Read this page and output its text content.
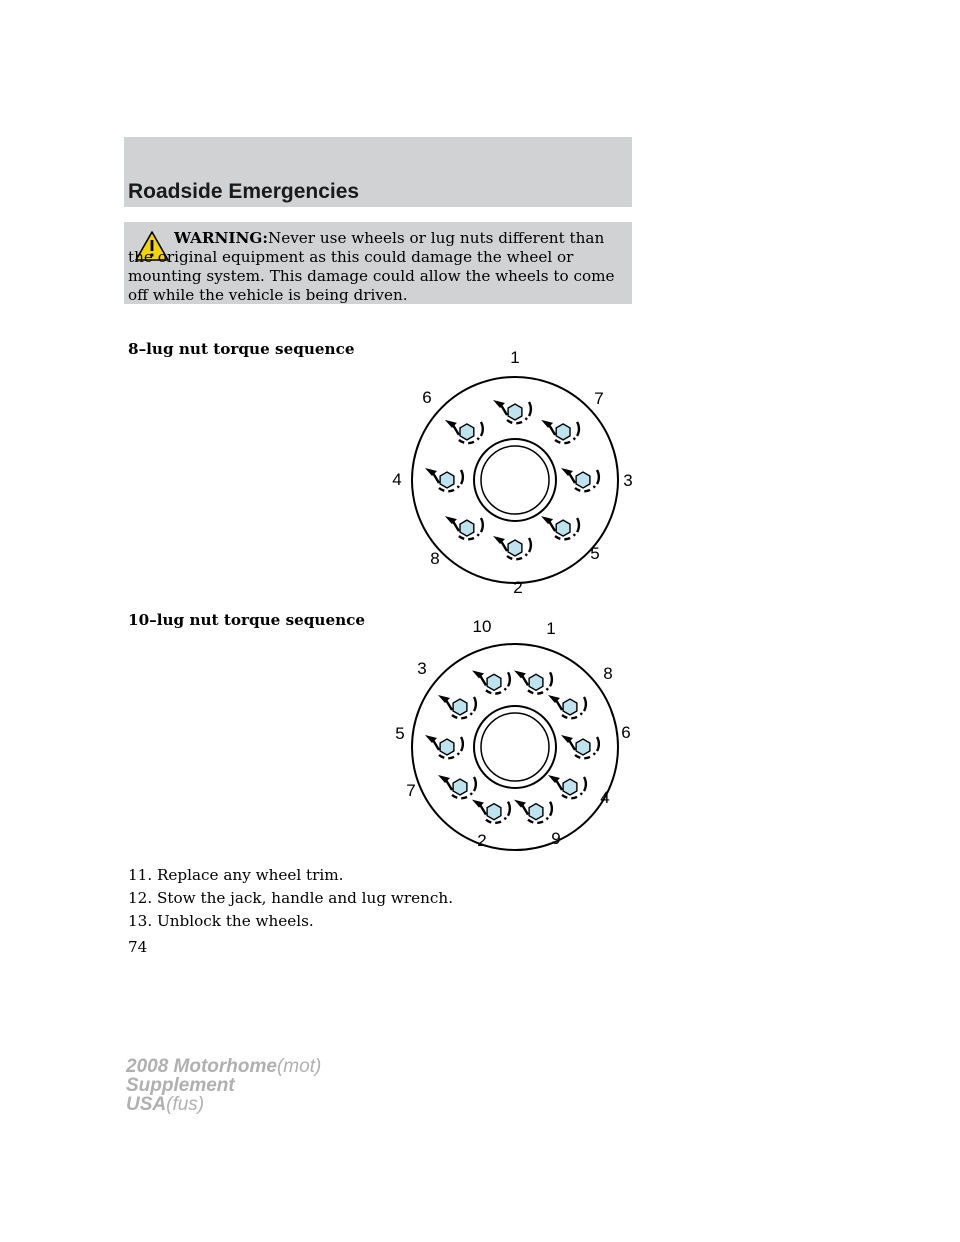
Roadside Emergencies

WARNING:Never use wheels or lug nuts different than the original equipment as this could damage the wheel or mounting system. This damage could allow the wheels to come off while the vehicle is being driven.

8–lug nut torque sequence	1
6	7
4	3
8	5
2

10–lug nut torque sequence	10	1
3	8
5	6
7	4
2	9
11. Replace any wheel trim.
12. Stow the jack, handle and lug wrench.
13. Unblock the wheels.

74

2008 Motorhome(mot)
Supplement
USA(fus)
